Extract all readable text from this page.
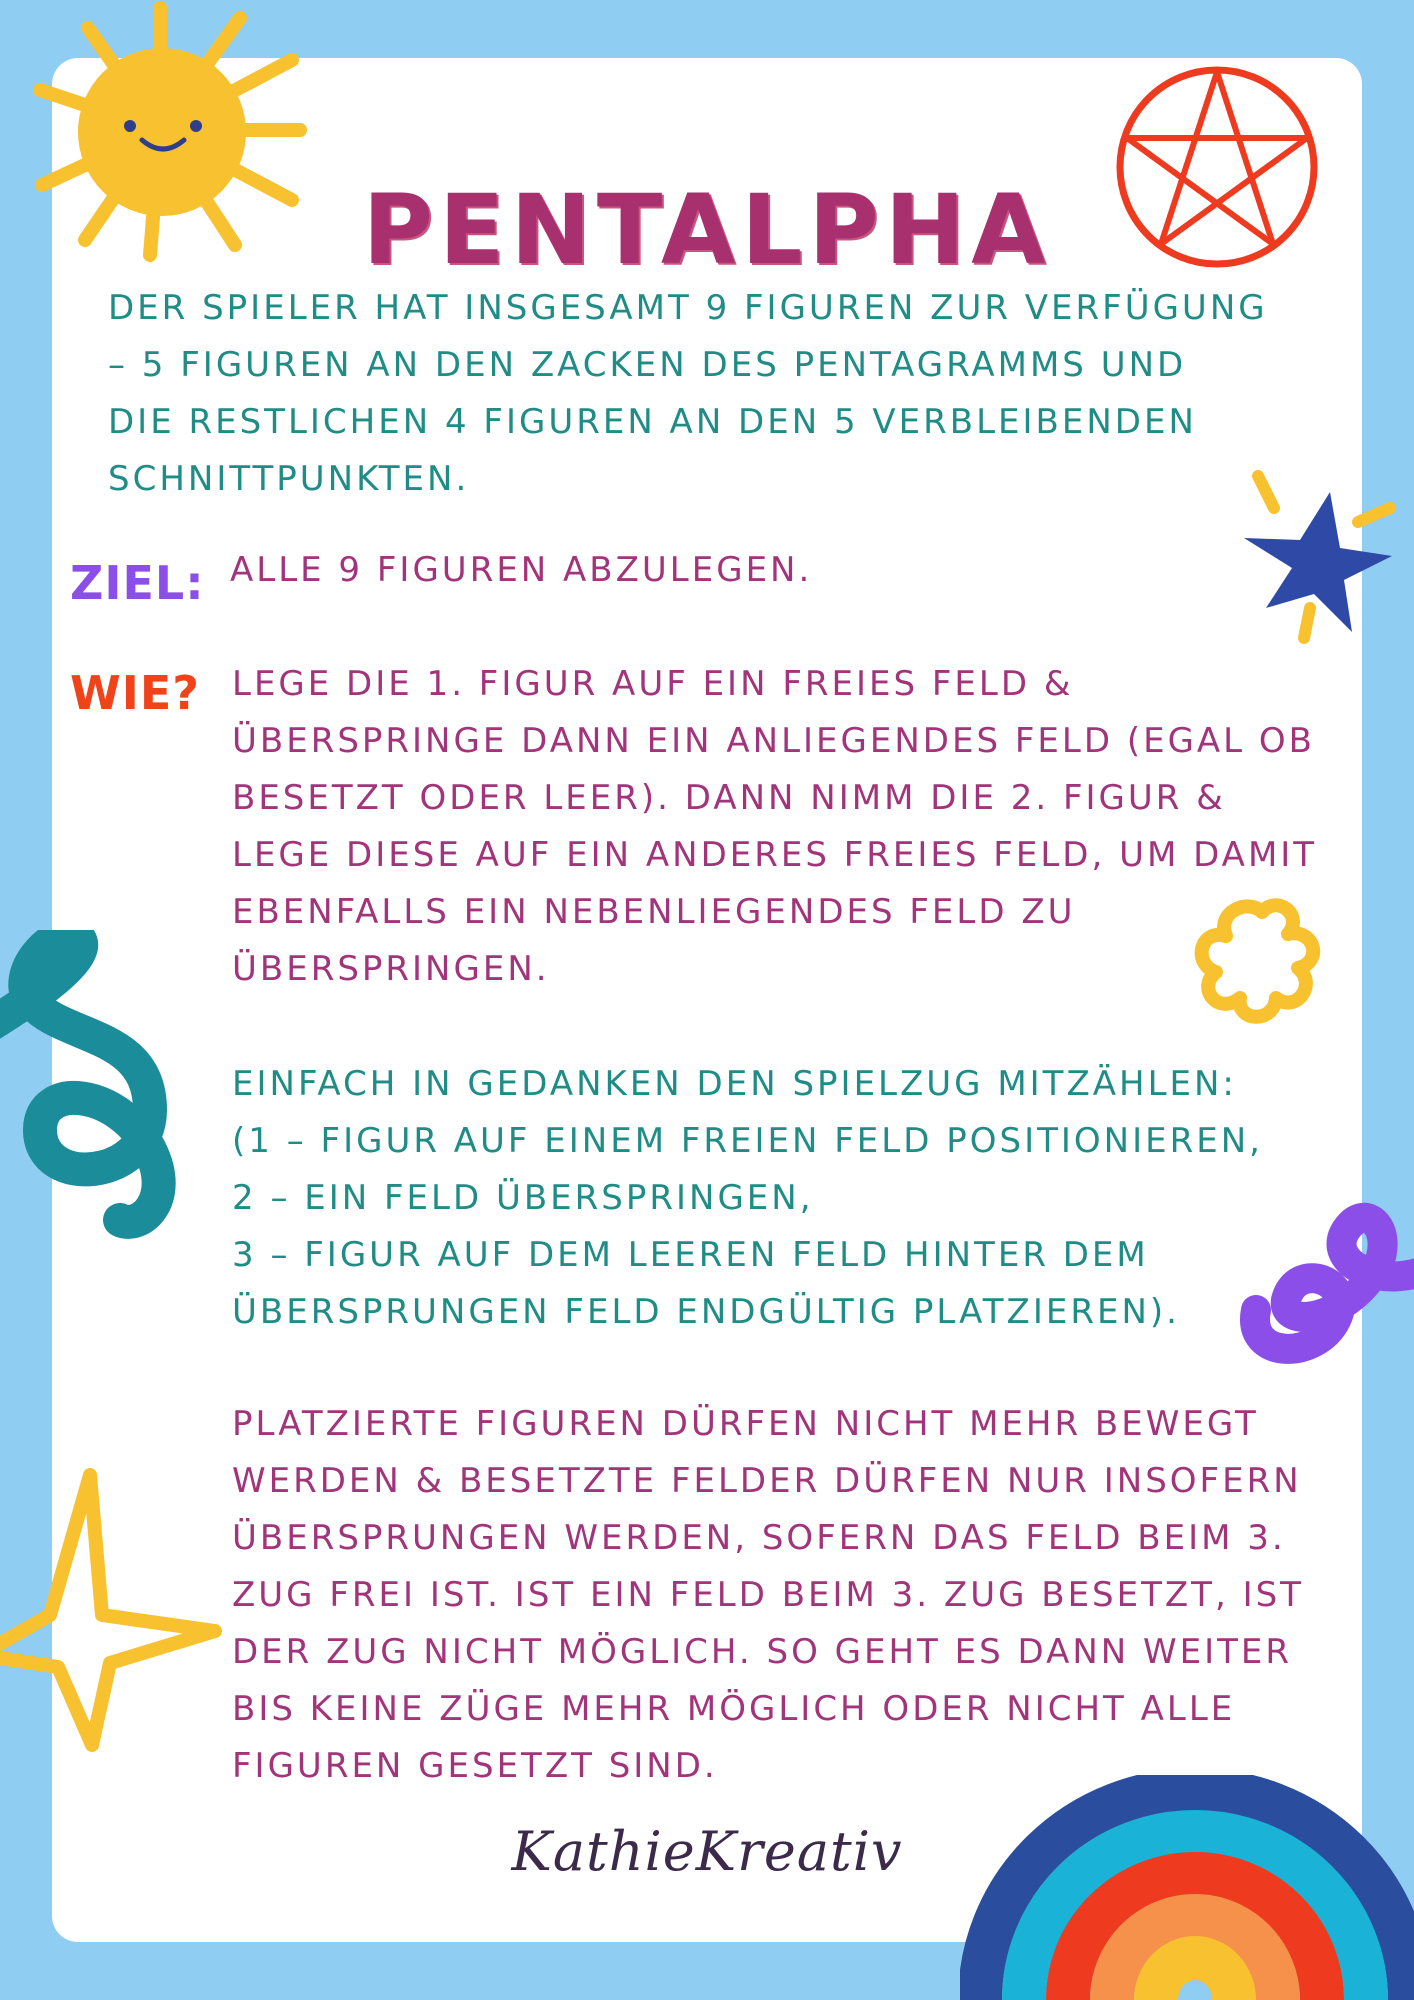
PENTALPHA

DER SPIELER HAT INSGESAMT 9 FIGUREN ZUR VERFÜGUNG
– 5 FIGUREN AN DEN ZACKEN DES PENTAGRAMMS UND
DIE RESTLICHEN 4 FIGUREN AN DEN 5 VERBLEIBENDEN
SCHNITTPUNKTEN.

ZIEL: ALLE 9 FIGUREN ABZULEGEN.

WIE? LEGE DIE 1. FIGUR AUF EIN FREIES FELD &
ÜBERSPRINGE DANN EIN ANLIEGENDES FELD (EGAL OB
BESETZT ODER LEER). DANN NIMM DIE 2. FIGUR &
LEGE DIESE AUF EIN ANDERES FREIES FELD, UM DAMIT
EBENFALLS EIN NEBENLIEGENDES FELD ZU
ÜBERSPRINGEN.

EINFACH IN GEDANKEN DEN SPIELZUG MITZÄHLEN:
(1 – FIGUR AUF EINEM FREIEN FELD POSITIONIEREN,
2 – EIN FELD ÜBERSPRINGEN,
3 – FIGUR AUF DEM LEEREN FELD HINTER DEM
ÜBERSPRUNGEN FELD ENDGÜLTIG PLATZIEREN).

PLATZIERTE FIGUREN DÜRFEN NICHT MEHR BEWEGT
WERDEN & BESETZTE FELDER DÜRFEN NUR INSOFERN
ÜBERSPRUNGEN WERDEN, SOFERN DAS FELD BEIM 3.
ZUG FREI IST. IST EIN FELD BEIM 3. ZUG BESETZT, IST
DER ZUG NICHT MÖGLICH. SO GEHT ES DANN WEITER
BIS KEINE ZÜGE MEHR MÖGLICH ODER NICHT ALLE
FIGUREN GESETZT SIND.

KathieKreativ
